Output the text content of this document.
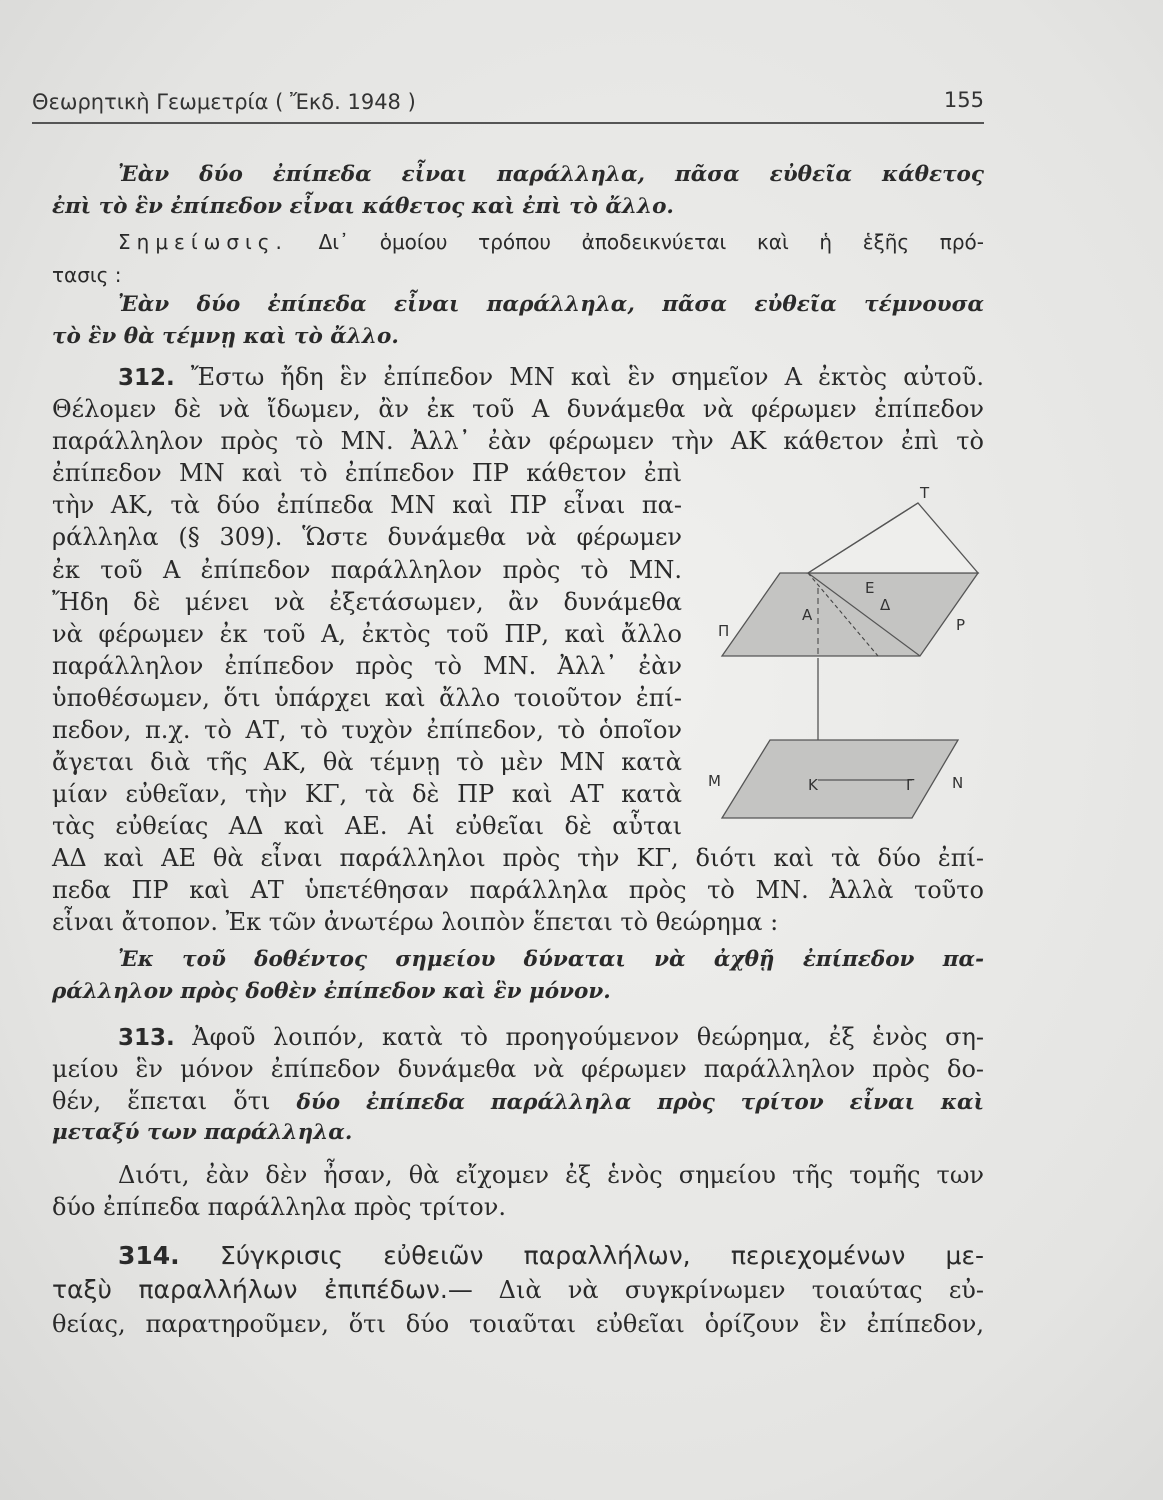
Θεωρητικὴ Γεωμετρία ( Ἔκδ. 1948 )	155
Ἐὰν δύο ἐπίπεδα εἶναι παράλληλα, πᾶσα εὐθεῖα κάθετος
ἐπὶ τὸ ἓν ἐπίπεδον εἶναι κάθετος καὶ ἐπὶ τὸ ἄλλο.
Σημείωσις. Δι᾿ ὁμοίου τρόπου ἀποδεικνύεται καὶ ἡ ἑξῆς πρό-
τασις :
Ἐὰν δύο ἐπίπεδα εἶναι παράλληλα, πᾶσα εὐθεῖα τέμνουσα
τὸ ἓν θὰ τέμνῃ καὶ τὸ ἄλλο.
312. Ἔστω ἤδη ἓν ἐπίπεδον ΜΝ καὶ ἓν σημεῖον Α ἐκτὸς αὐτοῦ.
Θέλομεν δὲ νὰ ἴδωμεν, ἂν ἐκ τοῦ Α δυνάμεθα νὰ φέρωμεν ἐπίπεδον
παράλληλον πρὸς τὸ ΜΝ. Ἀλλ᾿ ἐὰν φέρωμεν τὴν ΑΚ κάθετον ἐπὶ τὸ
ἐπίπεδον ΜΝ καὶ τὸ ἐπίπεδον ΠΡ κάθετον ἐπὶ
τὴν ΑΚ, τὰ δύο ἐπίπεδα ΜΝ καὶ ΠΡ εἶναι πα-
ράλληλα (§ 309). Ὥστε δυνάμεθα νὰ φέρωμεν
ἐκ τοῦ Α ἐπίπεδον παράλληλον πρὸς τὸ ΜΝ.
Ἤδη δὲ μένει νὰ ἐξετάσωμεν, ἂν δυνάμεθα
νὰ φέρωμεν ἐκ τοῦ Α, ἐκτὸς τοῦ ΠΡ, καὶ ἄλλο
παράλληλον ἐπίπεδον πρὸς τὸ ΜΝ. Ἀλλ᾿ ἐὰν
ὑποθέσωμεν, ὅτι ὑπάρχει καὶ ἄλλο τοιοῦτον ἐπί-
πεδον, π.χ. τὸ ΑΤ, τὸ τυχὸν ἐπίπεδον, τὸ ὁποῖον
ἄγεται διὰ τῆς ΑΚ, θὰ τέμνῃ τὸ μὲν ΜΝ κατὰ
μίαν εὐθεῖαν, τὴν ΚΓ, τὰ δὲ ΠΡ καὶ ΑΤ κατὰ
τὰς εὐθείας ΑΔ καὶ ΑΕ. Αἱ εὐθεῖαι δὲ αὗται
ΑΔ καὶ ΑΕ θὰ εἶναι παράλληλοι πρὸς τὴν ΚΓ, διότι καὶ τὰ δύο ἐπί-
πεδα ΠΡ καὶ ΑΤ ὑπετέθησαν παράλληλα πρὸς τὸ ΜΝ. Ἀλλὰ τοῦτο
εἶναι ἄτοπον. Ἐκ τῶν ἀνωτέρω λοιπὸν ἕπεται τὸ θεώρημα :
Ἐκ τοῦ δοθέντος σημείου δύναται νὰ ἀχθῇ ἐπίπεδον πα-
ράλληλον πρὸς δοθὲν ἐπίπεδον καὶ ἓν μόνον.
313. Ἀφοῦ λοιπόν, κατὰ τὸ προηγούμενον θεώρημα, ἐξ ἑνὸς ση-
μείου ἓν μόνον ἐπίπεδον δυνάμεθα νὰ φέρωμεν παράλληλον πρὸς δο-
θέν, ἕπεται ὅτι δύο ἐπίπεδα παράλληλα πρὸς τρίτον εἶναι καὶ
μεταξύ των παράλληλα.
Διότι, ἐὰν δὲν ἦσαν, θὰ εἴχομεν ἐξ ἑνὸς σημείου τῆς τομῆς των
δύο ἐπίπεδα παράλληλα πρὸς τρίτον.
314. Σύγκρισις εὐθειῶν παραλλήλων, περιεχομένων με-
ταξὺ παραλλήλων ἐπιπέδων.— Διὰ νὰ συγκρίνωμεν τοιαύτας εὐ-
θείας, παρατηροῦμεν, ὅτι δύο τοιαῦται εὐθεῖαι ὁρίζουν ἓν ἐπίπεδον,
Τ
Ε
Α
Δ
Π	Ρ
Μ	Κ	Γ	Ν
